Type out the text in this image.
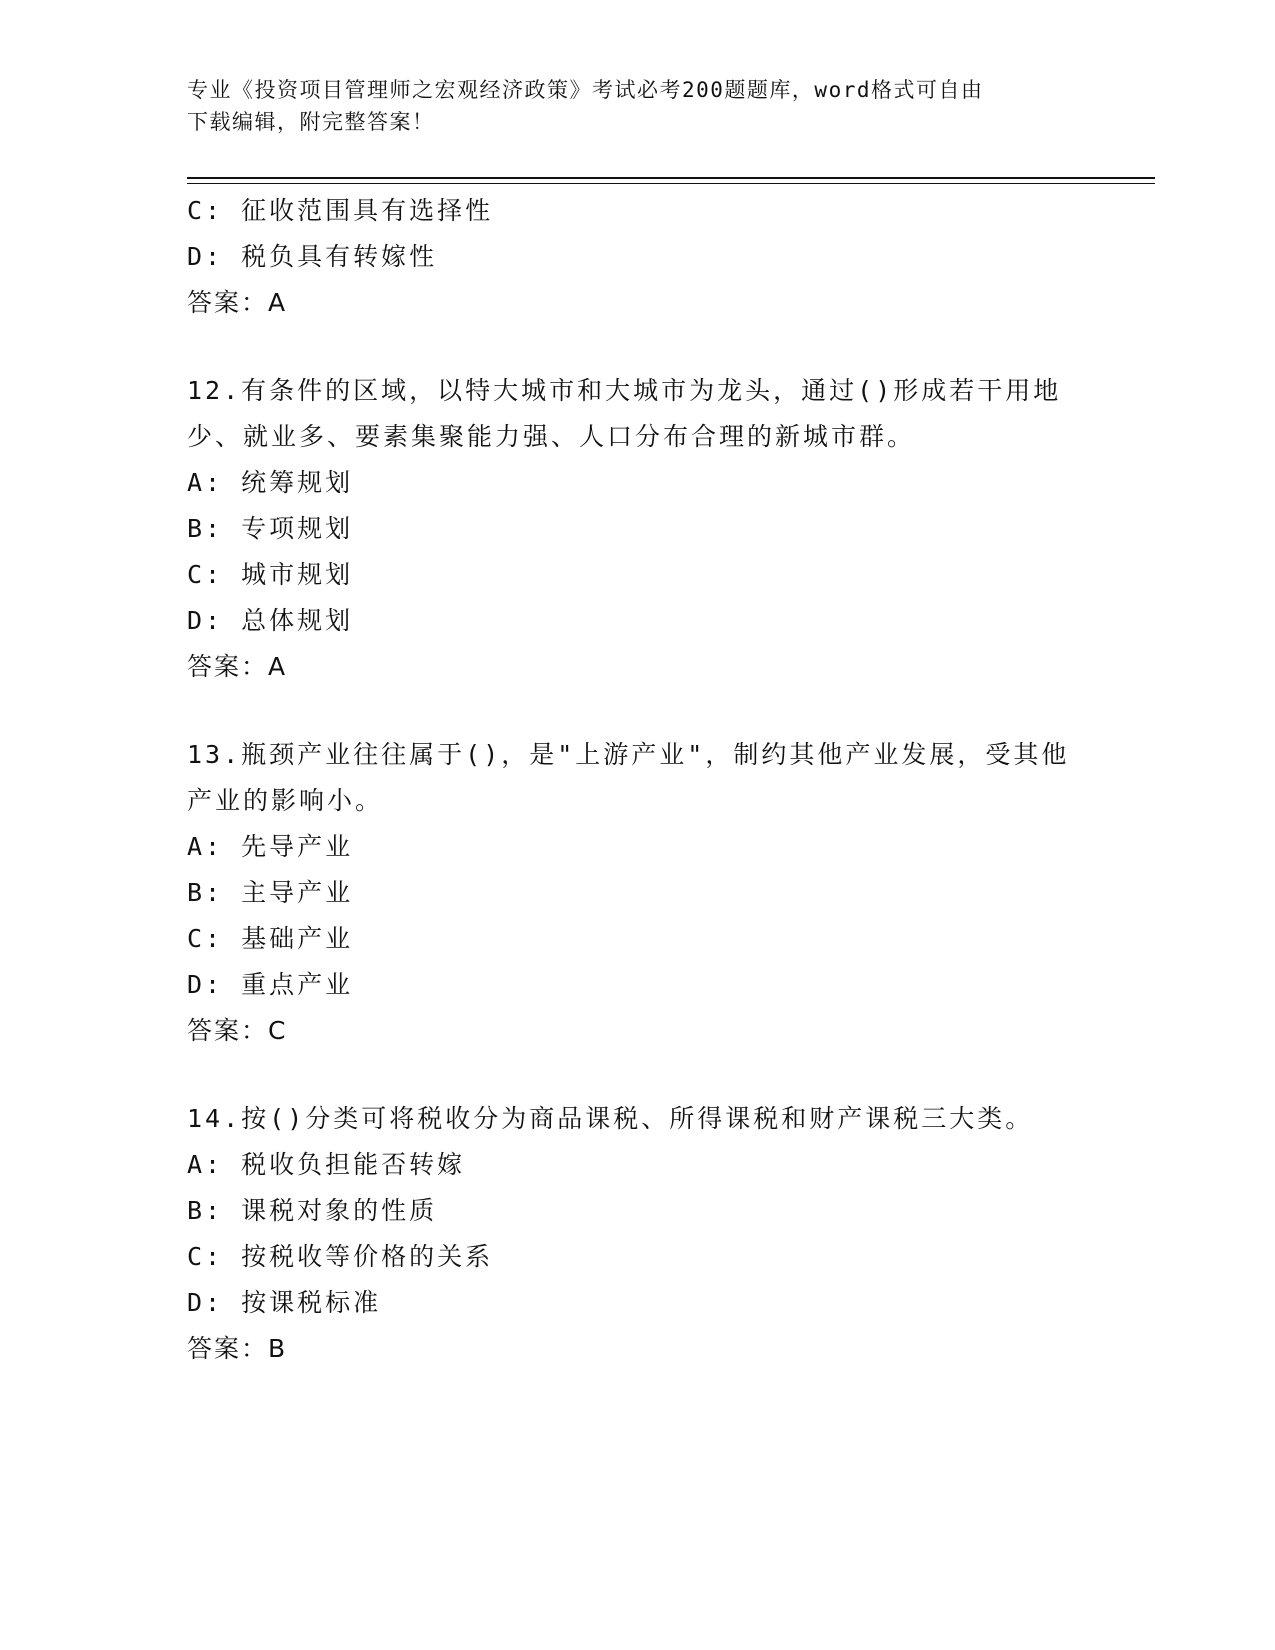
专业《投资项目管理师之宏观经济政策》考试必考200题题库，word格式可自由
下载编辑，附完整答案！
C: 征收范围具有选择性
D: 税负具有转嫁性
答案：A
12.有条件的区域，以特大城市和大城市为龙头，通过()形成若干用地
少、就业多、要素集聚能力强、人口分布合理的新城市群。
A: 统筹规划
B: 专项规划
C: 城市规划
D: 总体规划
答案：A
13.瓶颈产业往往属于()，是"上游产业"，制约其他产业发展，受其他
产业的影响小。
A: 先导产业
B: 主导产业
C: 基础产业
D: 重点产业
答案：C
14.按()分类可将税收分为商品课税、所得课税和财产课税三大类。
A: 税收负担能否转嫁
B: 课税对象的性质
C: 按税收等价格的关系
D: 按课税标准
答案：B
